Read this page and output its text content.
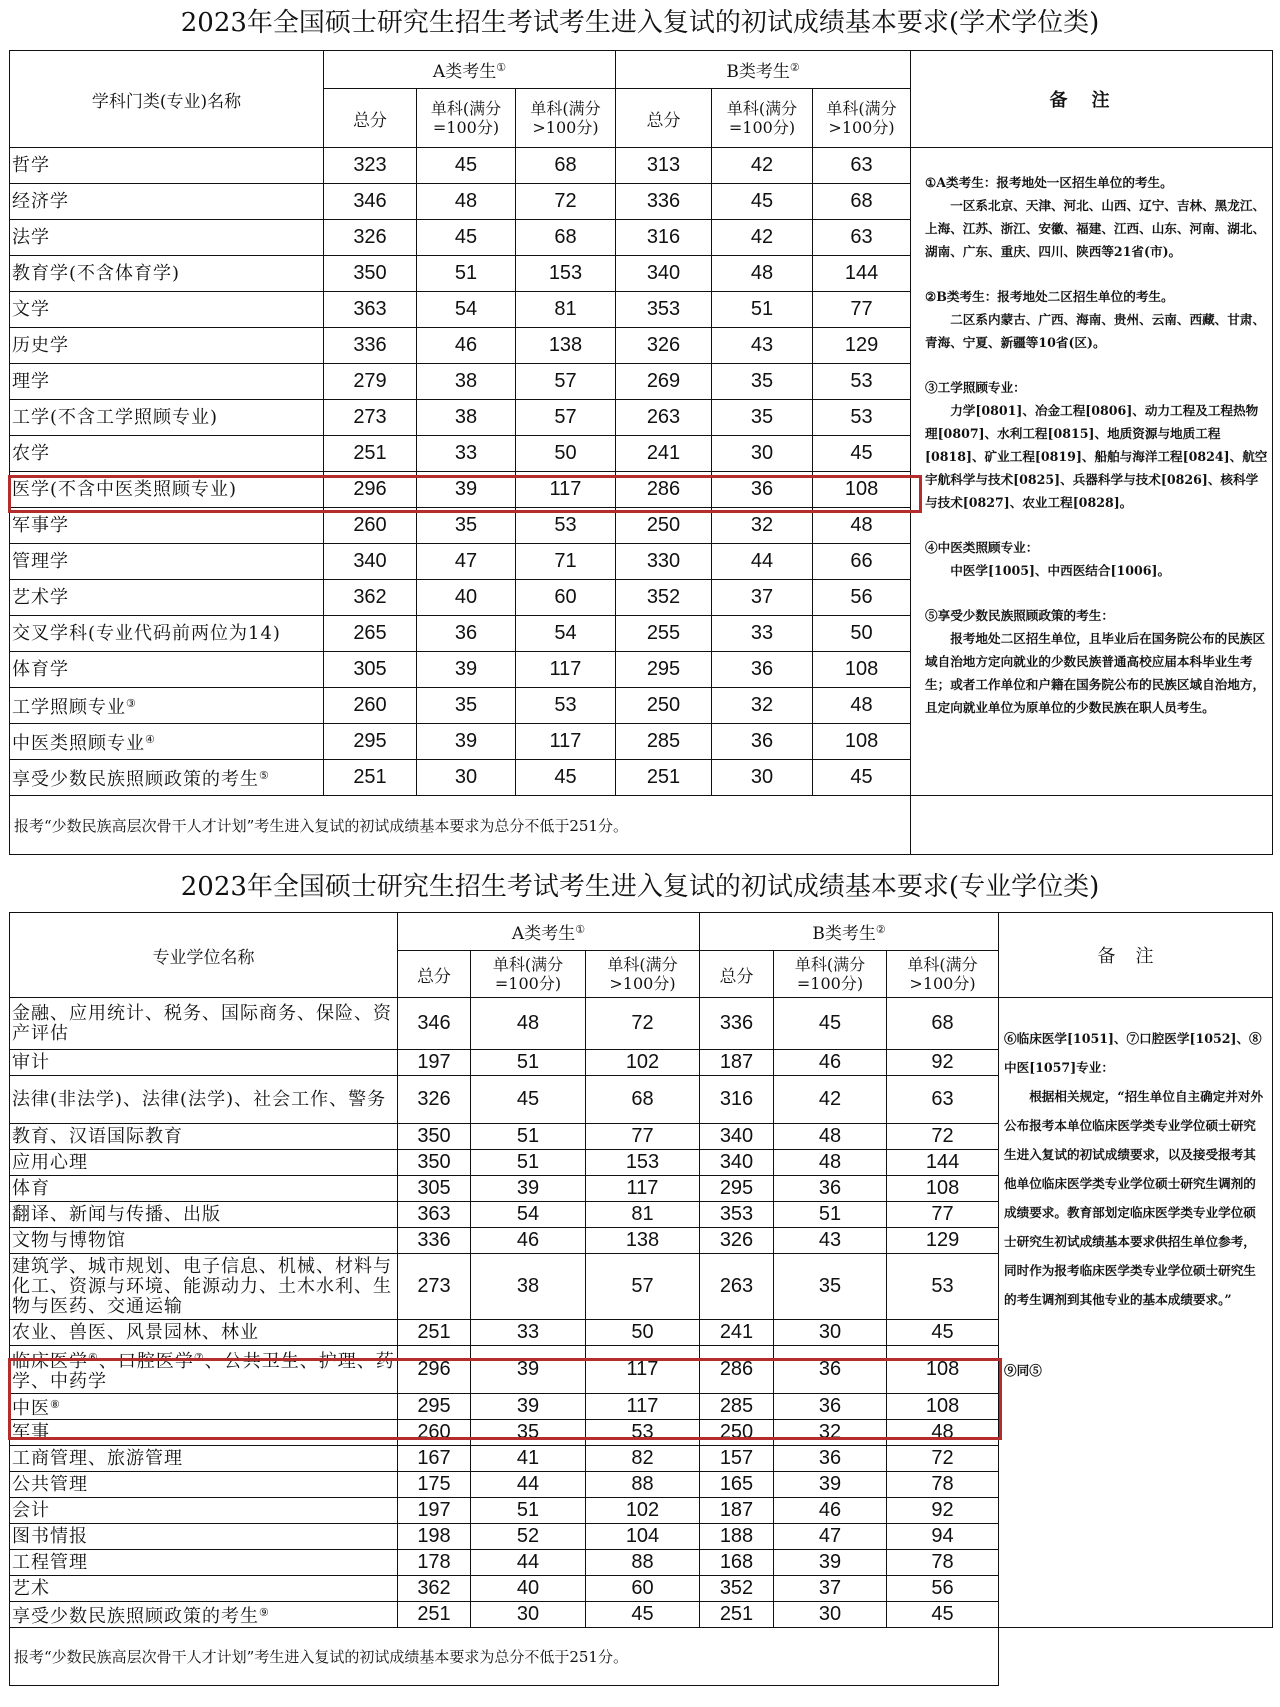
2023年全国硕士研究生招生考试考生进入复试的初试成绩基本要求(学术学位类)
学科门类(专业)名称	A类考生①			B类考生②			备注
	总分	单科(满分=100分)	单科(满分>100分)	总分	单科(满分=100分)	单科(满分>100分)	
哲学	323	45	68	313	42	63	
经济学	346	48	72	336	45	68	
法学	326	45	68	316	42	63	
教育学(不含体育学)	350	51	153	340	48	144	
文学	363	54	81	353	51	77	
历史学	336	46	138	326	43	129	
理学	279	38	57	269	35	53	
工学(不含工学照顾专业)	273	38	57	263	35	53	
农学	251	33	50	241	30	45	
医学(不含中医类照顾专业)	296	39	117	286	36	108	
军事学	260	35	53	250	32	48	
管理学	340	47	71	330	44	66	
艺术学	362	40	60	352	37	56	
交叉学科(专业代码前两位为14)	265	36	54	255	33	50	
体育学	305	39	117	295	36	108	
工学照顾专业③	260	35	53	250	32	48	
中医类照顾专业④	295	39	117	285	36	108	
享受少数民族照顾政策的考生⑤	251	30	45	251	30	45	
报考“少数民族高层次骨干人才计划”考生进入复试的初试成绩基本要求为总分不低于251分。							

①A类考生：报考地处一区招生单位的考生。

一区系北京、天津、河北、山西、辽宁、吉林、黑龙江、上海、江苏、浙江、安徽、福建、江西、山东、河南、湖北、湖南、广东、重庆、四川、陕西等21省(市)。

②B类考生：报考地处二区招生单位的考生。

二区系内蒙古、广西、海南、贵州、云南、西藏、甘肃、青海、宁夏、新疆等10省(区)。

③工学照顾专业：

力学[0801]、冶金工程[0806]、动力工程及工程热物理[0807]、水利工程[0815]、地质资源与地质工程[0818]、矿业工程[0819]、船舶与海洋工程[0824]、航空宇航科学与技术[0825]、兵器科学与技术[0826]、核科学与技术[0827]、农业工程[0828]。

④中医类照顾专业：

中医学[1005]、中西医结合[1006]。

⑤享受少数民族照顾政策的考生：

报考地处二区招生单位，且毕业后在国务院公布的民族区域自治地方定向就业的少数民族普通高校应届本科毕业生考生；或者工作单位和户籍在国务院公布的民族区域自治地方，且定向就业单位为原单位的少数民族在职人员考生。

2023年全国硕士研究生招生考试考生进入复试的初试成绩基本要求(专业学位类)
专业学位名称	A类考生①			B类考生②			备注
	总分	单科(满分=100分)	单科(满分>100分)	总分	单科(满分=100分)	单科(满分>100分)	
金融、应用统计、税务、国际商务、保险、资产评估	346	48	72	336	45	68	
审计	197	51	102	187	46	92	
法律(非法学)、法律(法学)、社会工作、警务	326	45	68	316	42	63	
教育、汉语国际教育	350	51	77	340	48	72	
应用心理	350	51	153	340	48	144	
体育	305	39	117	295	36	108	
翻译、新闻与传播、出版	363	54	81	353	51	77	
文物与博物馆	336	46	138	326	43	129	
建筑学、城市规划、电子信息、机械、材料与化工、资源与环境、能源动力、土木水利、生物与医药、交通运输	273	38	57	263	35	53	
农业、兽医、风景园林、林业	251	33	50	241	30	45	
临床医学⑥、口腔医学⑦、公共卫生、护理、药学、中药学	296	39	117	286	36	108	
中医⑧	295	39	117	285	36	108	
军事	260	35	53	250	32	48	
工商管理、旅游管理	167	41	82	157	36	72	
公共管理	175	44	88	165	39	78	
会计	197	51	102	187	46	92	
图书情报	198	52	104	188	47	94	
工程管理	178	44	88	168	39	78	
艺术	362	40	60	352	37	56	
享受少数民族照顾政策的考生⑨	251	30	45	251	30	45	
报考“少数民族高层次骨干人才计划”考生进入复试的初试成绩基本要求为总分不低于251分。							

⑥临床医学[1051]、⑦口腔医学[1052]、⑧中医[1057]专业：

根据相关规定，“招生单位自主确定并对外公布报考本单位临床医学类专业学位硕士研究生进入复试的初试成绩要求，以及接受报考其他单位临床医学类专业学位硕士研究生调剂的成绩要求。教育部划定临床医学类专业学位硕士研究生初试成绩基本要求供招生单位参考，同时作为报考临床医学类专业学位硕士研究生的考生调剂到其他专业的基本成绩要求。”

⑨同⑤
